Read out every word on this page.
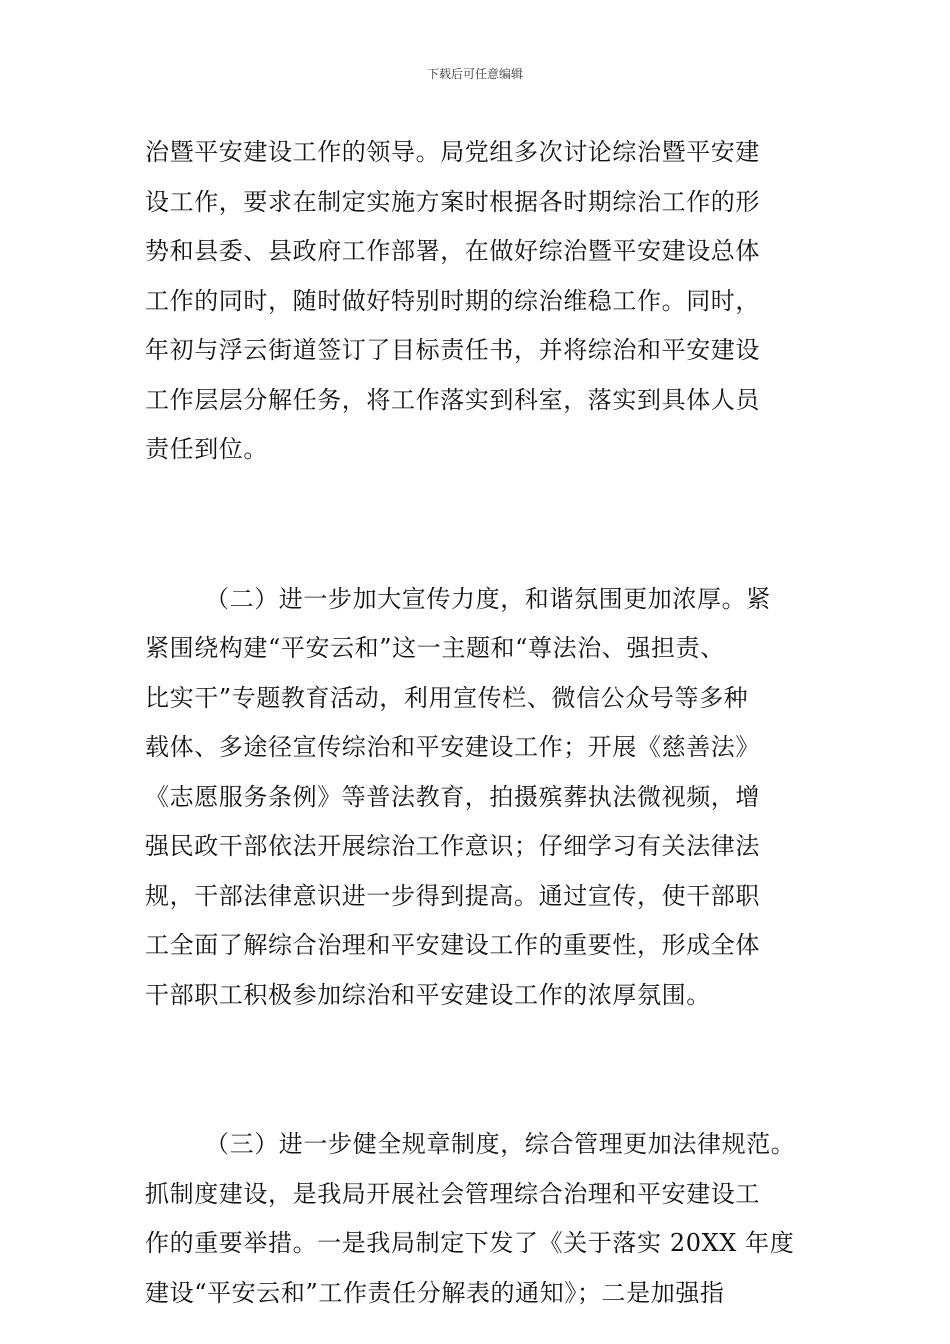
下载后可任意编辑
治暨平安建设工作的领导。局党组多次讨论综治暨平安建
设工作，要求在制定实施方案时根据各时期综治工作的形
势和县委、县政府工作部署，在做好综治暨平安建设总体
工作的同时，随时做好特别时期的综治维稳工作。同时，
年初与浮云街道签订了目标责任书，并将综治和平安建设
工作层层分解任务，将工作落实到科室，落实到具体人员
责任到位。
（二）进一步加大宣传力度，和谐氛围更加浓厚。紧
紧围绕构建“平安云和”这一主题和“尊法治、强担责、
比实干”专题教育活动，利用宣传栏、微信公众号等多种
载体、多途径宣传综治和平安建设工作；开展《慈善法》
《志愿服务条例》等普法教育，拍摄殡葬执法微视频，增
强民政干部依法开展综治工作意识；仔细学习有关法律法
规，干部法律意识进一步得到提高。通过宣传，使干部职
工全面了解综合治理和平安建设工作的重要性，形成全体
干部职工积极参加综治和平安建设工作的浓厚氛围。
（三）进一步健全规章制度，综合管理更加法律规范。
抓制度建设，是我局开展社会管理综合治理和平安建设工
作的重要举措。一是我局制定下发了《关于落实 20XX 年度
建设“平安云和”工作责任分解表的通知》；二是加强指
